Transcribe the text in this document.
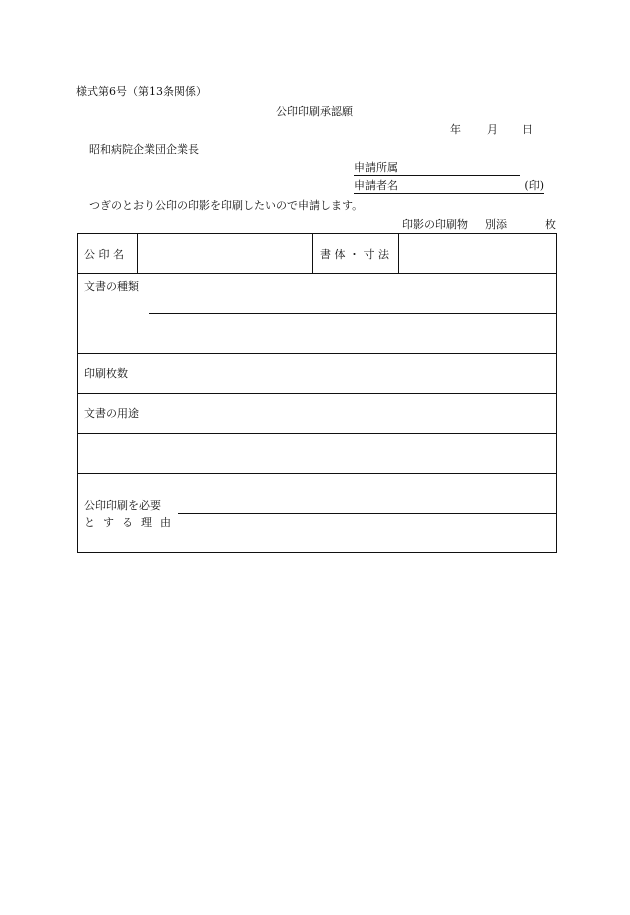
様式第6号（第13条関係）
公印印刷承認願
年 月 日
昭和病院企業団企業長
申請所属
申請者名	(印)
つぎのとおり公印の印影を印刷したいので申請します。
印影の印刷物 別添	枚
公 印 名	書 体 ・ 寸 法
文書の種類
印刷枚数
文書の用途
公印印刷を必要
とする理由
